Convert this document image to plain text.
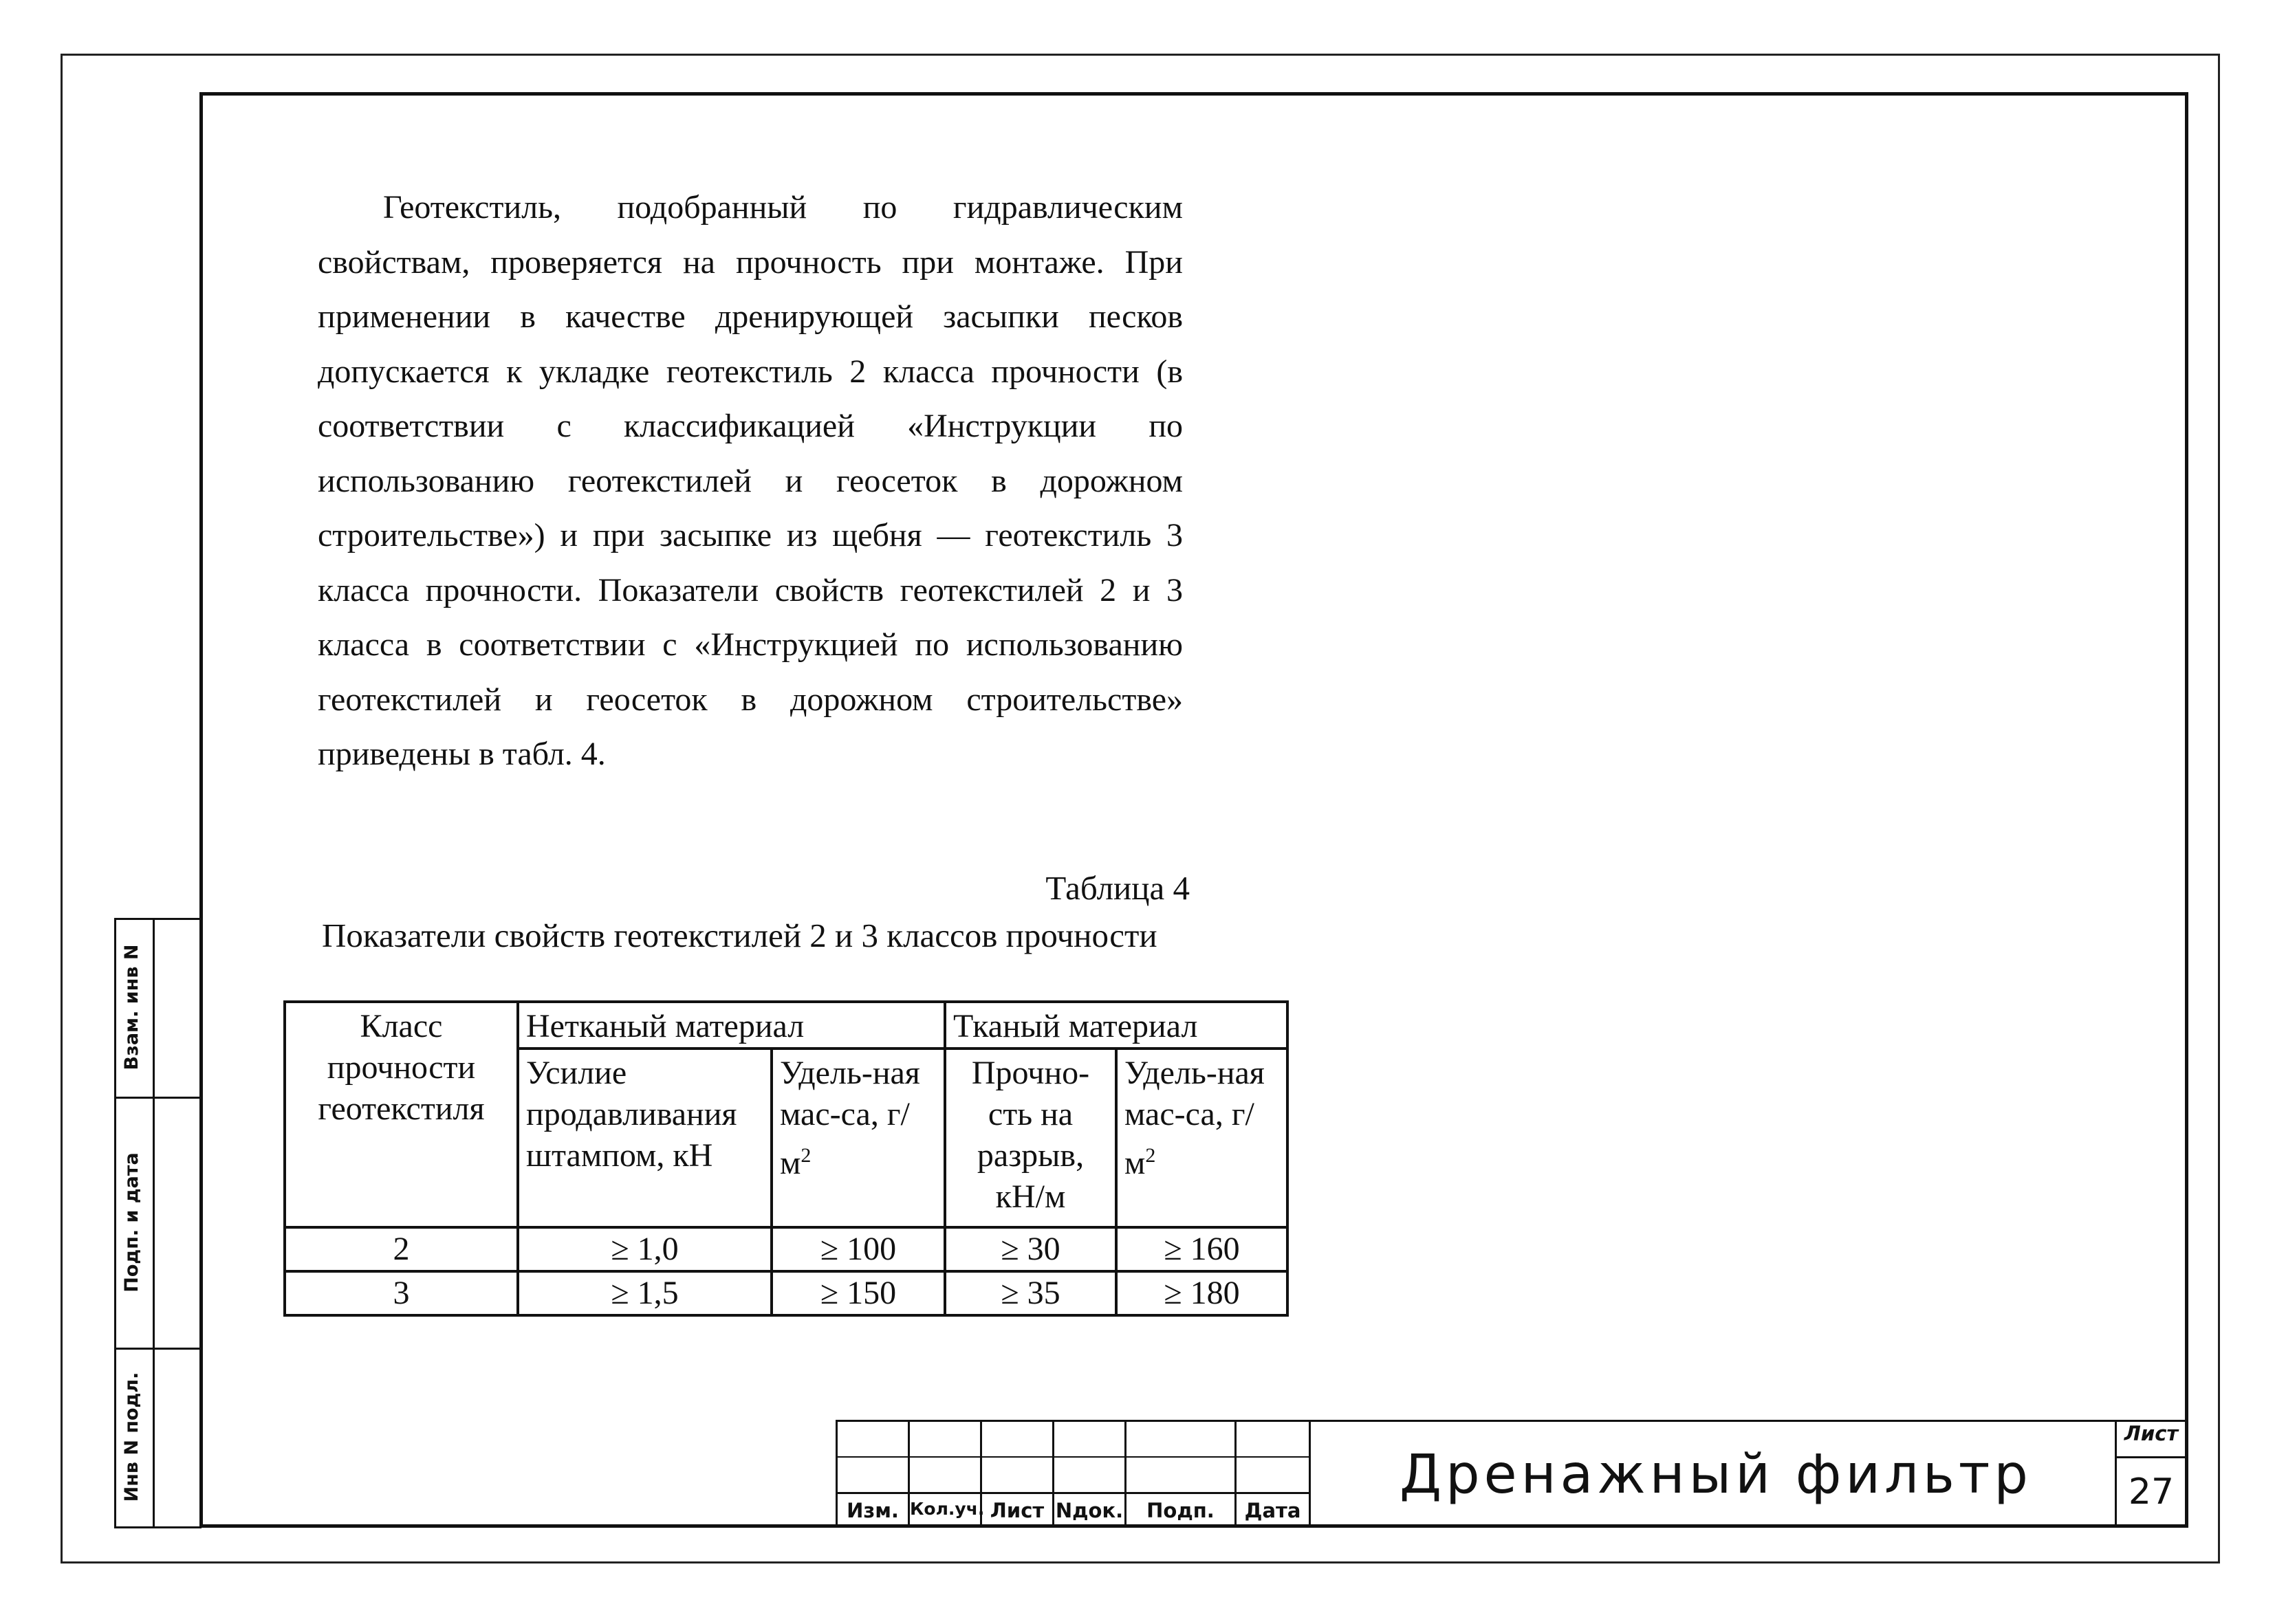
Взам. инв N
Подп. и дата
Инв N подл.
Геотекстиль, подобранный по гидравлическим свойствам, проверяется на прочность при монтаже. При применении в качестве дренирующей засыпки песков допускается к укладке геотекстиль 2 класса прочности (в соответствии с классификацией «Инструкции по использованию геотекстилей и геосеток в дорожном строительстве») и при засыпке из щебня — геотекстиль 3 класса прочности. Показатели свойств геотекстилей 2 и 3 класса в соответствии с «Инструкцией по использованию геотекстилей и геосеток в дорожном строительстве» приведены в табл. 4.
Таблица 4
Показатели свойств геотекстилей 2 и 3 классов прочности
Класс прочности геотекстиля	Нетканый материал		Тканый материал	
	Усилие продавливания штампом, кН	Удель-ная мас-са, $г/м^2$	Прочно-сть на разрыв, кН/м	Удель-ная мас-са, $г/м^2$
2	≥ 1,0	≥ 100	≥ 30	≥ 160
3	≥ 1,5	≥ 150	≥ 35	≥ 180
Изм. Кол.уч. Лист Nдок.	Подп.	Дата
Дренажный фильтр
Лист
27
